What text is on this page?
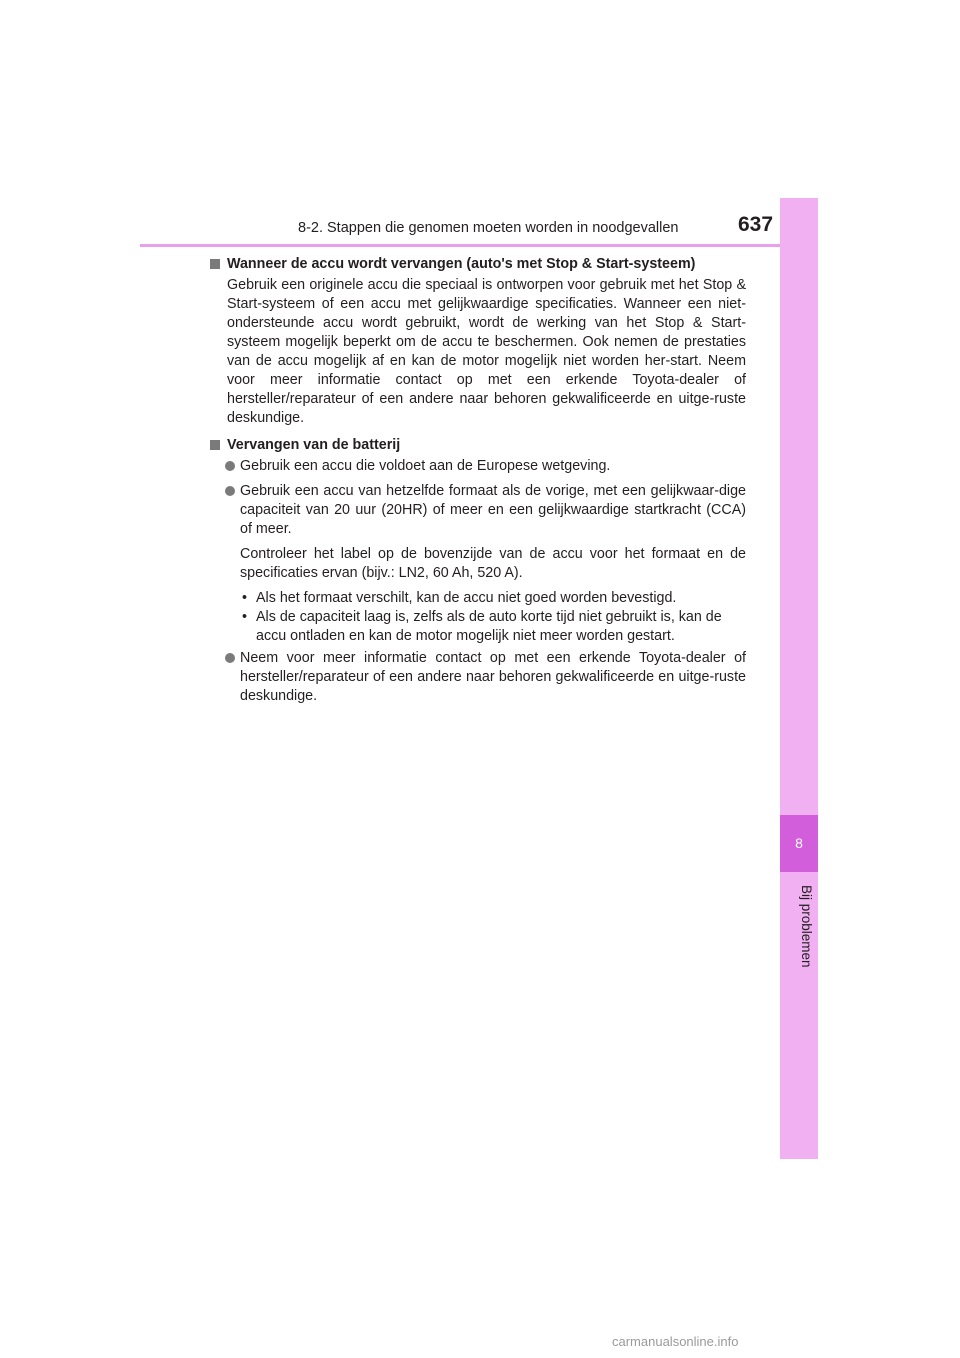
8-2. Stappen die genomen moeten worden in noodgevallen	637
8
Bij problemen
Wanneer de accu wordt vervangen (auto's met Stop & Start-systeem)

Gebruik een originele accu die speciaal is ontworpen voor gebruik met het Stop & Start-systeem of een accu met gelijkwaardige specificaties. Wanneer een niet-ondersteunde accu wordt gebruikt, wordt de werking van het Stop & Start-systeem mogelijk beperkt om de accu te beschermen. Ook nemen de prestaties van de accu mogelijk af en kan de motor mogelijk niet worden her-start. Neem voor meer informatie contact op met een erkende Toyota-dealer of hersteller/reparateur of een andere naar behoren gekwalificeerde en uitge-ruste deskundige.

Vervangen van de batterij
Gebruik een accu die voldoet aan de Europese wetgeving.
Gebruik een accu van hetzelfde formaat als de vorige, met een gelijkwaar-dige capaciteit van 20 uur (20HR) of meer en een gelijkwaardige startkracht (CCA) of meer.

Controleer het label op de bovenzijde van de accu voor het formaat en de specificaties ervan (bijv.: LN2, 60 Ah, 520 A).

• Als het formaat verschilt, kan de accu niet goed worden bevestigd.
• Als de capaciteit laag is, zelfs als de auto korte tijd niet gebruikt is, kan de accu ontladen en kan de motor mogelijk niet meer worden gestart.
Neem voor meer informatie contact op met een erkende Toyota-dealer of hersteller/reparateur of een andere naar behoren gekwalificeerde en uitge-ruste deskundige.
carmanualsonline.info
